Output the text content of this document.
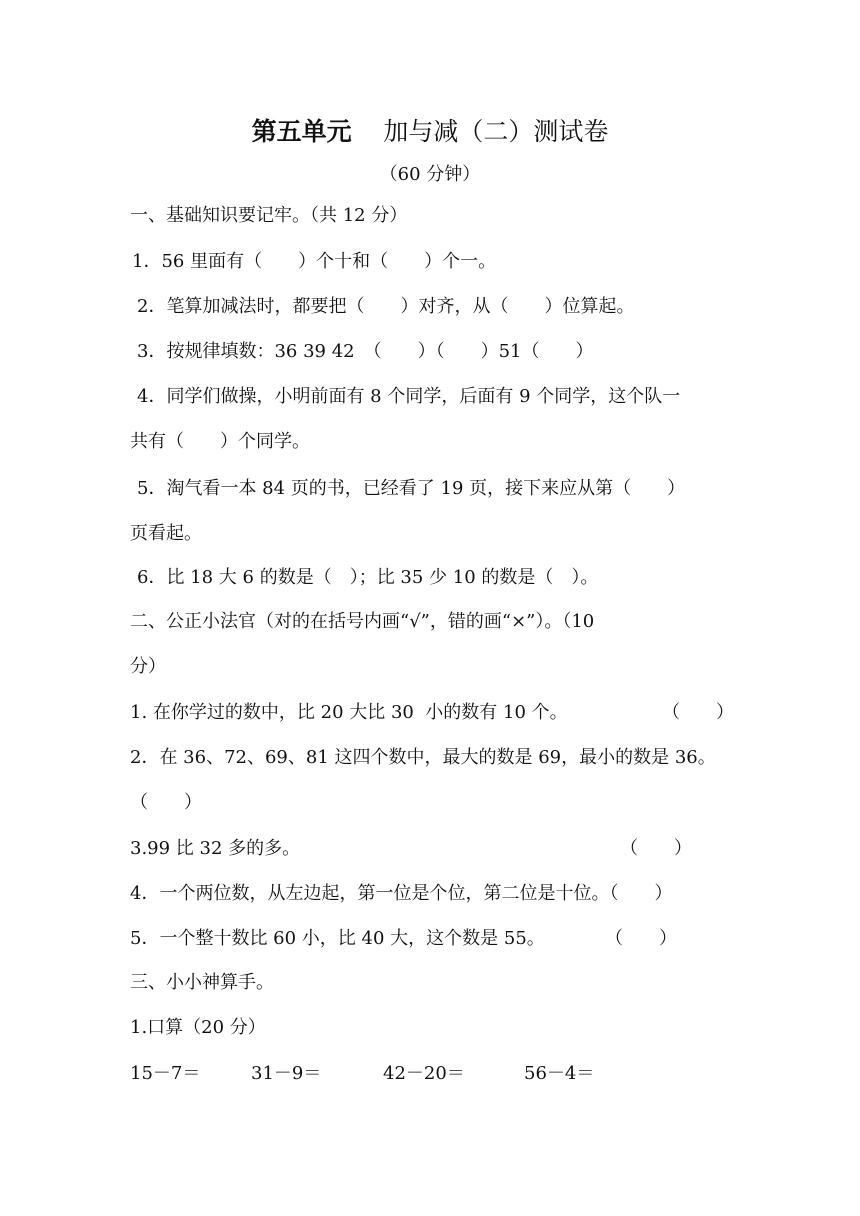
第五单元 加与减（二）测试卷
（60 分钟）
一、基础知识要记牢。（共 12 分）
1．56 里面有（　　）个十和（　　）个一。
2．笔算加减法时，都要把（　　）对齐，从（　　）位算起。
3．按规律填数：36 39 42　（　　）（　　）51（　　）
4．同学们做操，小明前面有 8 个同学，后面有 9 个同学，这个队一
共有（　　）个同学。
5．淘气看一本 84 页的书，已经看了 19 页，接下来应从第（　　）
页看起。
6．比 18 大 6 的数是（　）；比 35 少 10 的数是（　）。
二、公正小法官（对的在括号内画“√”，错的画“×”）。（10
分）
1. 在你学过的数中，比 20 大比 30  小的数有 10 个。	（　　）
2．在 36、72、69、81 这四个数中，最大的数是 69，最小的数是 36。
（　　）
3.99 比 32 多的多。	（　　）
4．一个两位数，从左边起，第一位是个位，第二位是十位。（　　）
5．一个整十数比 60 小，比 40 大，这个数是 55。	（　　）
三、小小神算手。
1.口算（20 分）
15－7＝	31－9＝	42－20＝	56－4＝
